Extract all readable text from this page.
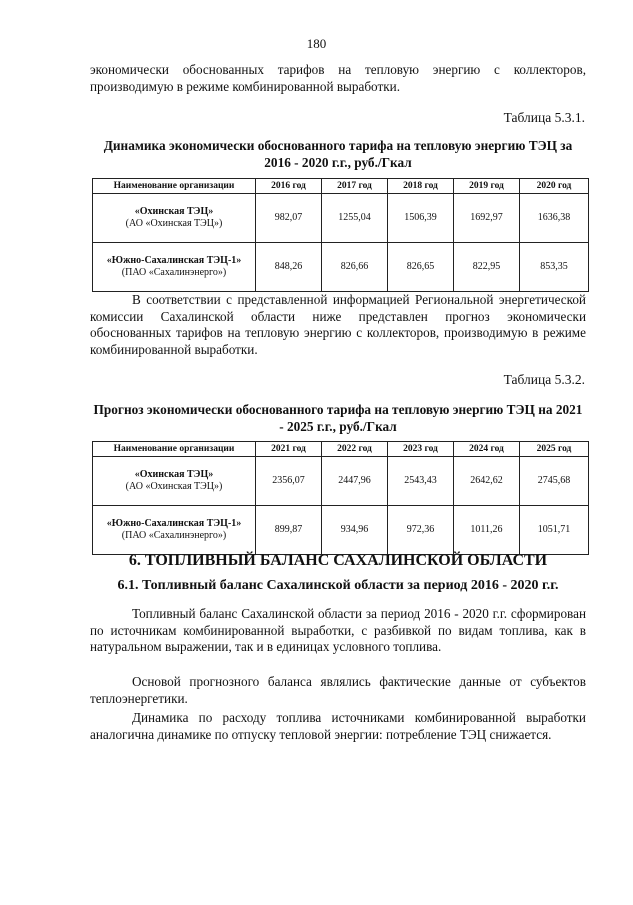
180

экономически обоснованных тарифов на тепловую энергию с коллекторов, производимую в режиме комбинированной выработки.

Таблица 5.3.1.

Динамика экономически обоснованного тарифа на тепловую энергию ТЭЦ за 2016 - 2020 г.г., руб./Гкал

Наименование организации	2016 год	2017 год	2018 год	2019 год	2020 год

«Охинская ТЭЦ»
(АО «Охинская ТЭЦ»)	982,07	1255,04	1506,39	1692,97	1636,38

«Южно-Сахалинская ТЭЦ-1»
(ПАО «Сахалинэнерго»)	848,26	826,66	826,65	822,95	853,35

В соответствии с представленной информацией Региональной энергетической комиссии Сахалинской области ниже представлен прогноз экономически обоснованных тарифов на тепловую энергию с коллекторов, производимую в режиме комбинированной выработки.

Таблица 5.3.2.

Прогноз экономически обоснованного тарифа на тепловую энергию ТЭЦ на 2021 - 2025 г.г., руб./Гкал

Наименование организации	2021 год	2022 год	2023 год	2024 год	2025 год

«Охинская ТЭЦ»
(АО «Охинская ТЭЦ»)	2356,07	2447,96	2543,43	2642,62	2745,68

«Южно-Сахалинская ТЭЦ-1»
(ПАО «Сахалинэнерго»)	899,87	934,96	972,36	1011,26	1051,71
6. ТОПЛИВНЫЙ БАЛАНС САХАЛИНСКОЙ ОБЛАСТИ
6.1. Топливный баланс Сахалинской области за период 2016 - 2020 г.г.

Топливный баланс Сахалинской области за период 2016 - 2020 г.г. сформирован по источникам комбинированной выработки, с разбивкой по видам топлива, как в натуральном выражении, так и в единицах условного топлива.

Основой прогнозного баланса являлись фактические данные от субъектов теплоэнергетики.

Динамика по расходу топлива источниками комбинированной выработки аналогична динамике по отпуску тепловой энергии: потребление ТЭЦ снижается.
